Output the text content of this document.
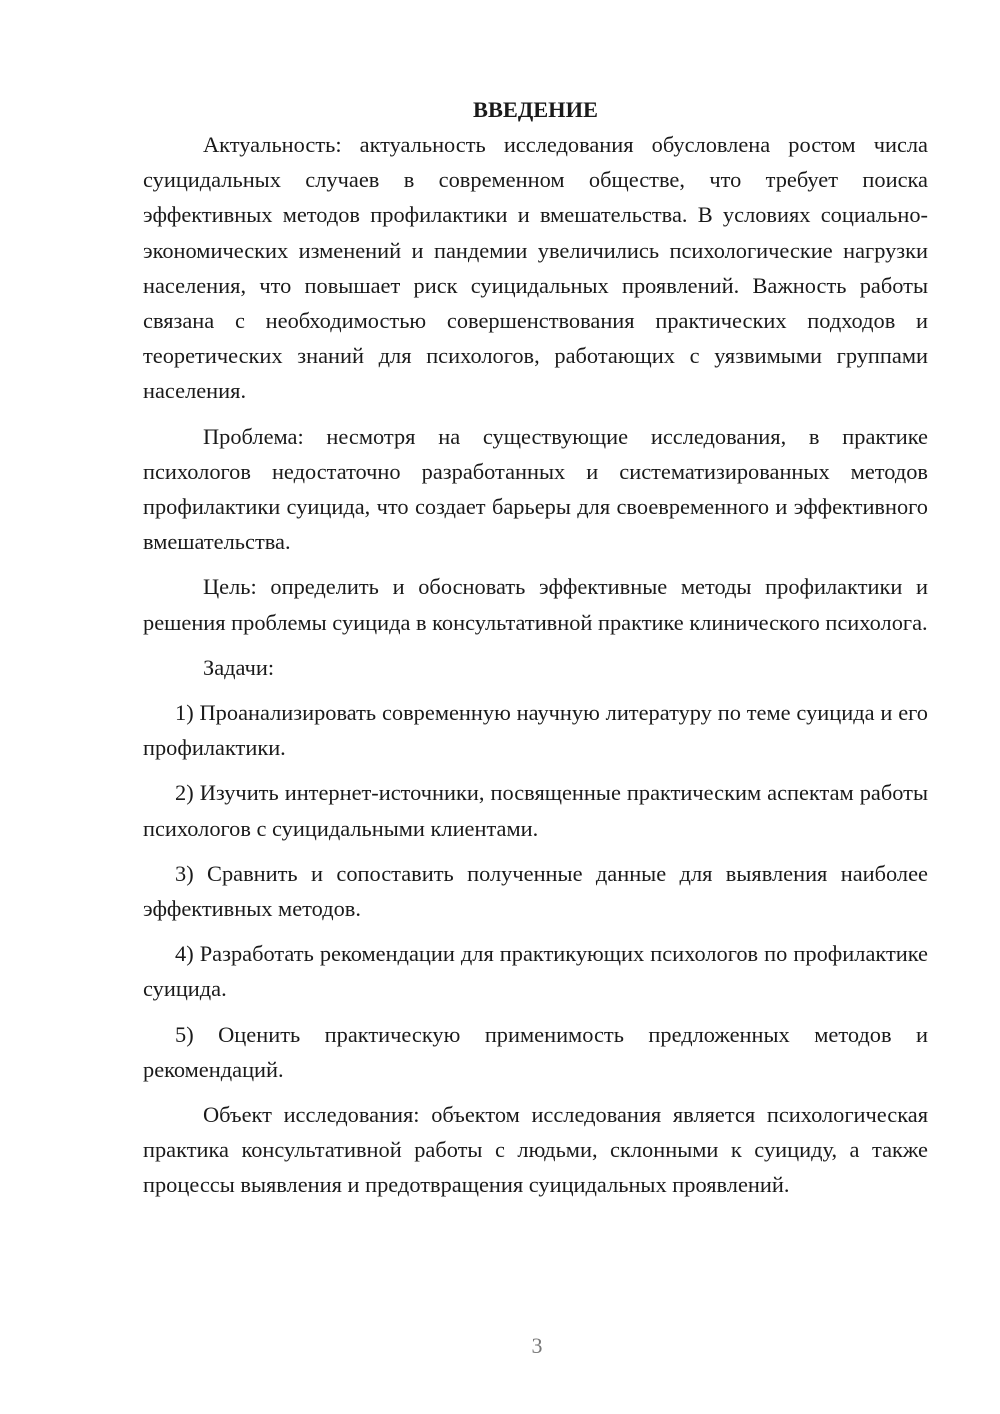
ВВЕДЕНИЕ

Актуальность: актуальность исследования обусловлена ростом числа суицидальных случаев в современном обществе, что требует поиска эффективных методов профилактики и вмешательства. В условиях социально-экономических изменений и пандемии увеличились психологические нагрузки населения, что повышает риск суицидальных проявлений. Важность работы связана с необходимостью совершенствования практических подходов и теоретических знаний для психологов, работающих с уязвимыми группами населения.

Проблема: несмотря на существующие исследования, в практике психологов недостаточно разработанных и систематизированных методов профилактики суицида, что создает барьеры для своевременного и эффективного вмешательства.

Цель: определить и обосновать эффективные методы профилактики и решения проблемы суицида в консультативной практике клинического психолога.

Задачи:

1) Проанализировать современную научную литературу по теме суицида и его профилактики.

2) Изучить интернет-источники, посвященные практическим аспектам работы психологов с суицидальными клиентами.

3) Сравнить и сопоставить полученные данные для выявления наиболее эффективных методов.

4) Разработать рекомендации для практикующих психологов по профилактике суицида.

5) Оценить практическую применимость предложенных методов и рекомендаций.

Объект исследования: объектом исследования является психологическая практика консультативной работы с людьми, склонными к суициду, а также процессы выявления и предотвращения суицидальных проявлений.

3
